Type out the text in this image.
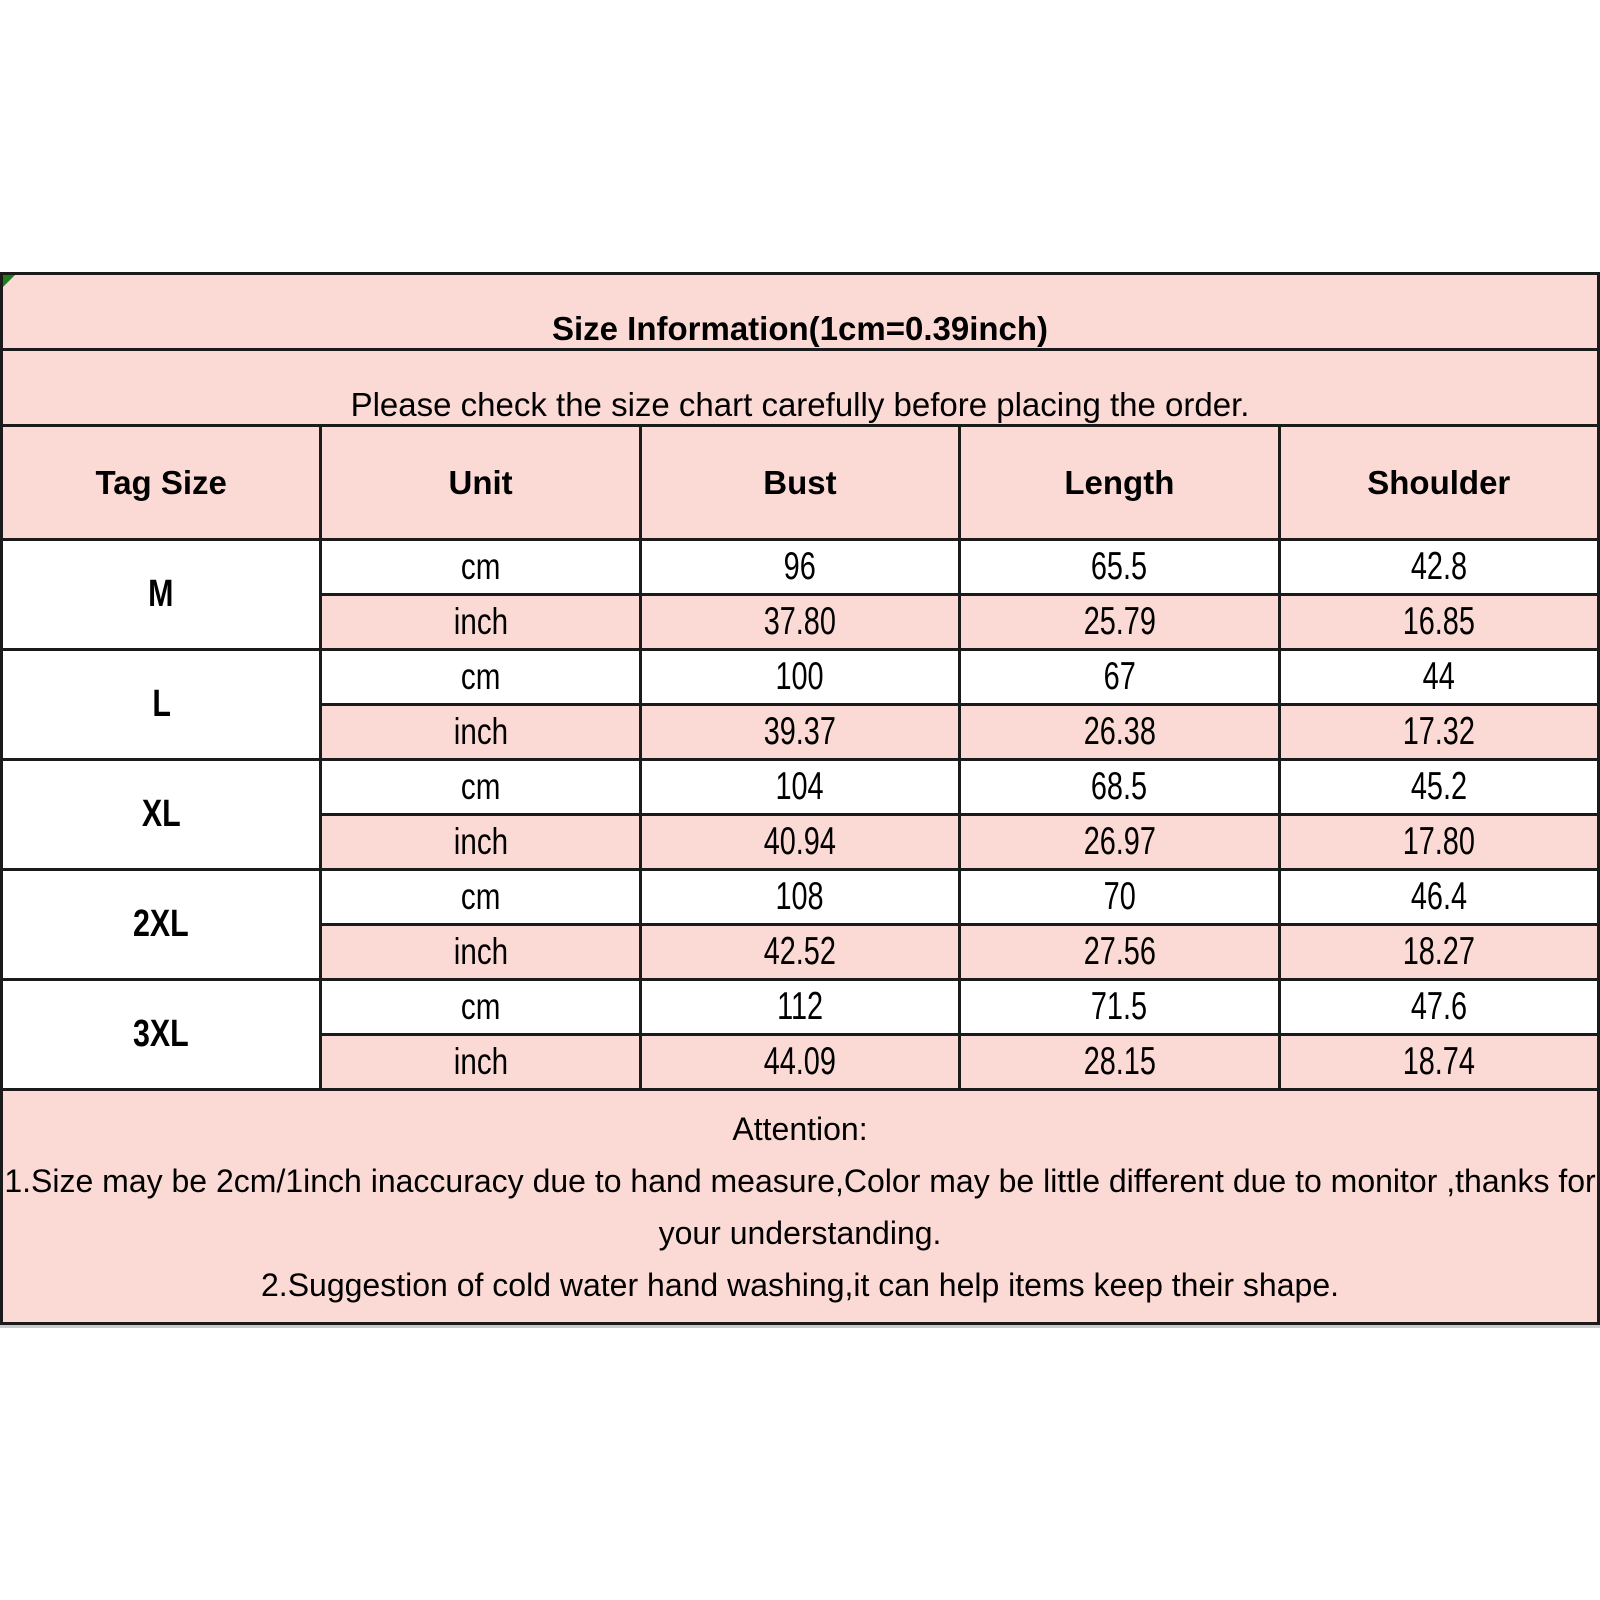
Size Information(1cm=0.39inch)				
Please check the size chart carefully before placing the order.				
Tag Size	Unit	Bust	Length	Shoulder
M	cm	96	65.5	42.8
	inch	37.80	25.79	16.85
L	cm	100	67	44
	inch	39.37	26.38	17.32
XL	cm	104	68.5	45.2
	inch	40.94	26.97	17.80
2XL	cm	108	70	46.4
	inch	42.52	27.56	18.27
3XL	cm	112	71.5	47.6
	inch	44.09	28.15	18.74

Attention:
1.Size may be 2cm/1inch inaccuracy due to hand measure,Color may be little different due to monitor ,thanks for your understanding.
2.Suggestion of cold water hand washing,it can help items keep their shape.				
